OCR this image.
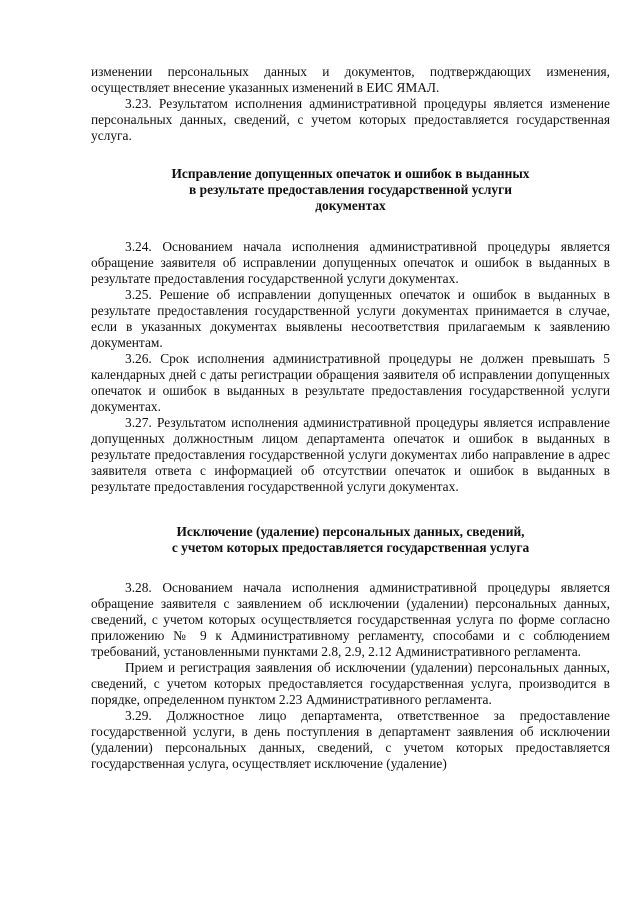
изменении персональных данных и документов, подтверждающих изменения, осуществляет внесение указанных изменений в ЕИС ЯМАЛ.

3.23. Результатом исполнения административной процедуры является изменение персональных данных, сведений, с учетом которых предоставляется государственная услуга.

Исправление допущенных опечаток и ошибок в выданных
в результате предоставления государственной услуги
документах

3.24. Основанием начала исполнения административной процедуры является обращение заявителя об исправлении допущенных опечаток и ошибок в выданных в результате предоставления государственной услуги документах.

3.25. Решение об исправлении допущенных опечаток и ошибок в выданных в результате предоставления государственной услуги документах принимается в случае, если в указанных документах выявлены несоответствия прилагаемым к заявлению документам.

3.26. Срок исполнения административной процедуры не должен превышать 5 календарных дней с даты регистрации обращения заявителя об исправлении допущенных опечаток и ошибок в выданных в результате предоставления государственной услуги документах.

3.27. Результатом исполнения административной процедуры является исправление допущенных должностным лицом департамента опечаток и ошибок в выданных в результате предоставления государственной услуги документах либо направление в адрес заявителя ответа с информацией об отсутствии опечаток и ошибок в выданных в результате предоставления государственной услуги документах.

Исключение (удаление) персональных данных, сведений,
с учетом которых предоставляется государственная услуга

3.28. Основанием начала исполнения административной процедуры является обращение заявителя с заявлением об исключении (удалении) персональных данных, сведений, с учетом которых осуществляется государственная услуга по форме согласно приложению № 9 к Административному регламенту, способами и с соблюдением требований, установленными пунктами 2.8, 2.9, 2.12 Административного регламента.

Прием и регистрация заявления об исключении (удалении) персональных данных, сведений, с учетом которых предоставляется государственная услуга, производится в порядке, определенном пунктом 2.23 Административного регламента.

3.29. Должностное лицо департамента, ответственное за предоставление государственной услуги, в день поступления в департамент заявления об исключении (удалении) персональных данных, сведений, с учетом которых предоставляется государственная услуга, осуществляет исключение (удаление)
